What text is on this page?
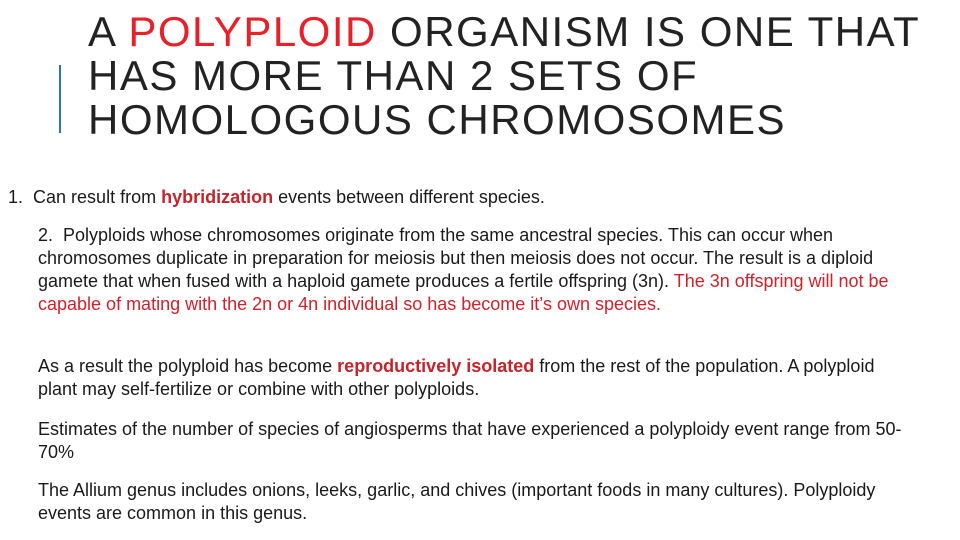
A POLYPLOID ORGANISM IS ONE THAT HAS MORE THAN 2 SETS OF HOMOLOGOUS CHROMOSOMES
1. Can result from hybridization events between different species.
2. Polyploids whose chromosomes originate from the same ancestral species. This can occur when chromosomes duplicate in preparation for meiosis but then meiosis does not occur. The result is a diploid gamete that when fused with a haploid gamete produces a fertile offspring (3n). The 3n offspring will not be capable of mating with the 2n or 4n individual so has become it’s own species.
As a result the polyploid has become reproductively isolated from the rest of the population. A polyploid plant may self-fertilize or combine with other polyploids.
Estimates of the number of species of angiosperms that have experienced a polyploidy event range from 50-70%
The Allium genus includes onions, leeks, garlic, and chives (important foods in many cultures). Polyploidy events are common in this genus.
